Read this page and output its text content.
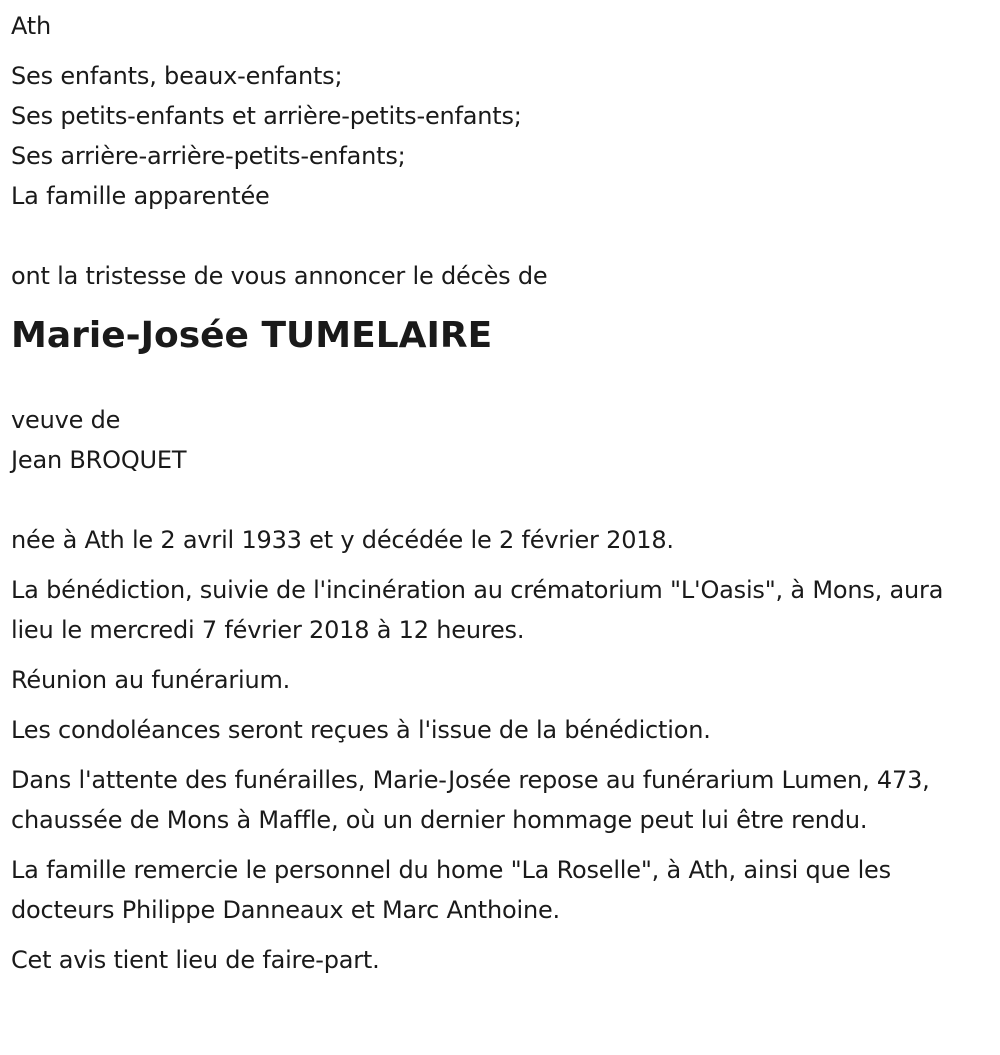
Ath
Ses enfants, beaux-enfants;
Ses petits-enfants et arrière-petits-enfants;
Ses arrière-arrière-petits-enfants;
La famille apparentée
ont la tristesse de vous annoncer le décès de
Marie-Josée TUMELAIRE
veuve de
Jean BROQUET

née à Ath le 2 avril 1933 et y décédée le 2 février 2018.

La bénédiction, suivie de l'incinération au crématorium "L'Oasis", à Mons, aura lieu le mercredi 7 février 2018 à 12 heures.

Réunion au funérarium.

Les condoléances seront reçues à l'issue de la bénédiction.

Dans l'attente des funérailles, Marie-Josée repose au funérarium Lumen, 473, chaussée de Mons à Maffle, où un dernier hommage peut lui être rendu.

La famille remercie le personnel du home "La Roselle", à Ath, ainsi que les docteurs Philippe Danneaux et Marc Anthoine.

Cet avis tient lieu de faire-part.
